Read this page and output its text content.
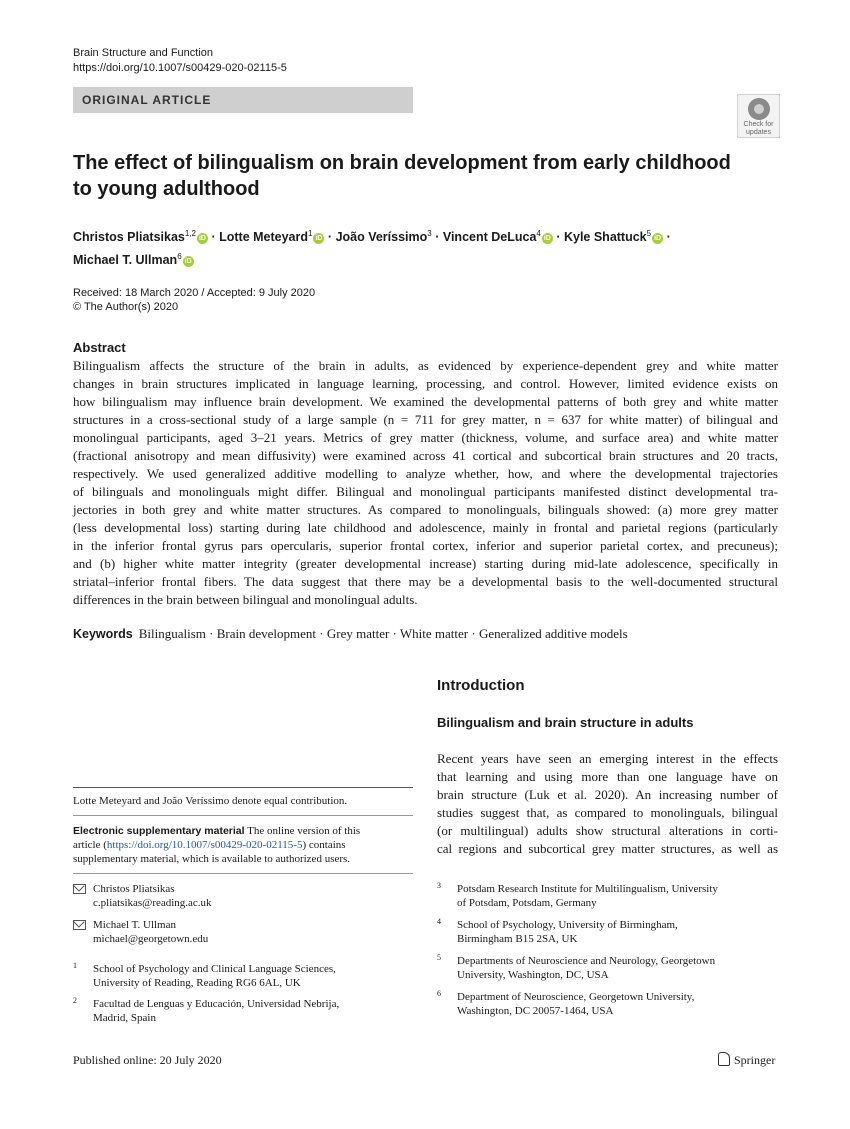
Brain Structure and Function
https://doi.org/10.1007/s00429-020-02115-5
ORIGINAL ARTICLE
Check for
updates
The effect of bilingualism on brain development from early childhood
to young adulthood
Christos Pliatsikas$^{1,2}$iD · Lotte Meteyard$^1$iD · João Veríssimo$^3$ · Vincent DeLuca$^4$iD · Kyle Shattuck$^5$iD ·
Michael T. Ullman$^6$iD
Received: 18 March 2020 / Accepted: 9 July 2020
© The Author(s) 2020
Abstract
Bilingualism affects the structure of the brain in adults, as evidenced by experience-dependent grey and white matter
changes in brain structures implicated in language learning, processing, and control. However, limited evidence exists on
how bilingualism may influence brain development. We examined the developmental patterns of both grey and white matter
structures in a cross-sectional study of a large sample (n = 711 for grey matter, n = 637 for white matter) of bilingual and
monolingual participants, aged 3–21 years. Metrics of grey matter (thickness, volume, and surface area) and white matter
(fractional anisotropy and mean diffusivity) were examined across 41 cortical and subcortical brain structures and 20 tracts,
respectively. We used generalized additive modelling to analyze whether, how, and where the developmental trajectories
of bilinguals and monolinguals might differ. Bilingual and monolingual participants manifested distinct developmental tra-
jectories in both grey and white matter structures. As compared to monolinguals, bilinguals showed: (a) more grey matter
(less developmental loss) starting during late childhood and adolescence, mainly in frontal and parietal regions (particularly
in the inferior frontal gyrus pars opercularis, superior frontal cortex, inferior and superior parietal cortex, and precuneus);
and (b) higher white matter integrity (greater developmental increase) starting during mid-late adolescence, specifically in
striatal–inferior frontal fibers. The data suggest that there may be a developmental basis to the well-documented structural
differences in the brain between bilingual and monolingual adults.
Keywords Bilingualism · Brain development · Grey matter · White matter · Generalized additive models
Introduction
Bilingualism and brain structure in adults
Recent years have seen an emerging interest in the effects
that learning and using more than one language have on
brain structure (Luk et al. 2020). An increasing number of
studies suggest that, as compared to monolinguals, bilingual
(or multilingual) adults show structural alterations in corti-
cal regions and subcortical grey matter structures, as well as
Lotte Meteyard and João Veríssimo denote equal contribution.
Electronic supplementary material The online version of this
article (https://doi.org/10.1007/s00429-020-02115-5) contains
supplementary material, which is available to authorized users.
Christos Pliatsikas
c.pliatsikas@reading.ac.uk
Michael T. Ullman
michael@georgetown.edu
1 School of Psychology and Clinical Language Sciences,
University of Reading, Reading RG6 6AL, UK
2 Facultad de Lenguas y Educación, Universidad Nebrija,
Madrid, Spain
3 Potsdam Research Institute for Multilingualism, University
of Potsdam, Potsdam, Germany
4 School of Psychology, University of Birmingham,
Birmingham B15 2SA, UK
5 Departments of Neuroscience and Neurology, Georgetown
University, Washington, DC, USA
6 Department of Neuroscience, Georgetown University,
Washington, DC 20057-1464, USA
Published online: 20 July 2020	Springer
